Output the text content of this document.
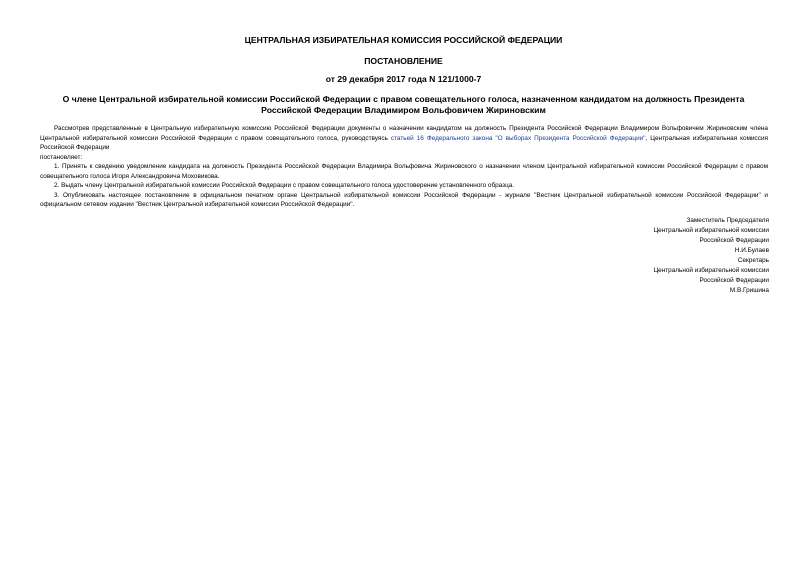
ЦЕНТРАЛЬНАЯ ИЗБИРАТЕЛЬНАЯ КОМИССИЯ РОССИЙСКОЙ ФЕДЕРАЦИИ
ПОСТАНОВЛЕНИЕ
от 29 декабря 2017 года N 121/1000-7
О члене Центральной избирательной комиссии Российской Федерации с правом совещательного голоса, назначенном кандидатом на должность Президента Российской Федерации Владимиром Вольфовичем Жириновским

Рассмотрев представленные в Центральную избирательную комиссию Российской Федерации документы о назначении кандидатом на должность Президента Российской Федерации Владимиром Вольфовичем Жириновским члена Центральной избирательной комиссии Российской Федерации с правом совещательного голоса, руководствуясь статьей 16 Федерального закона "О выборах Президента Российской Федерации", Центральная избирательная комиссия Российской Федерации

постановляет:

1. Принять к сведению уведомление кандидата на должность Президента Российской Федерации Владимира Вольфовича Жириновского о назначении членом Центральной избирательной комиссии Российской Федерации с правом совещательного голоса Игоря Александровича Моховикова.

2. Выдать члену Центральной избирательной комиссии Российской Федерации с правом совещательного голоса удостоверение установленного образца.

3. Опубликовать настоящее постановление в официальном печатном органе Центральной избирательной комиссии Российской Федерации - журнале "Вестник Центральной избирательной комиссии Российской Федерации" и официальном сетевом издании "Вестник Центральной избирательной комиссии Российской Федерации".

Заместитель Председателя
Центральной избирательной комиссии
Российской Федерации
Н.И.Булаев
Секретарь
Центральной избирательной комиссии
Российской Федерации
М.В.Гришина
